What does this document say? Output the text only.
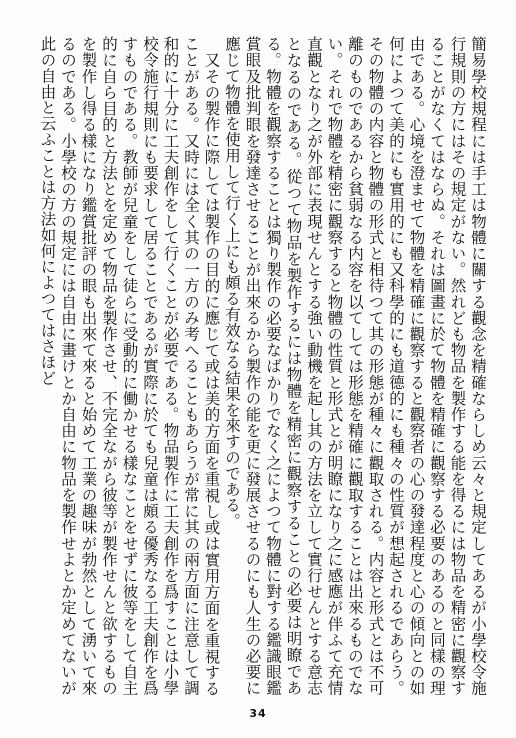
簡易學校規程には手工は物體に關する觀念を精確ならしめ云々と規定してあるが小學校令施行規則の方にはその規定がない。然れども物品を製作する能を得るには物品を精密に觀察することがなくてはならぬ。それは圖畫に於て物體を精確に觀察する必要のあるのと同樣の理由である。心境を澄ませて物體を精確に觀察すると觀察者の心の發達程度と心の傾向との如何によつて美的にも實用的にも又科學的にも道德的にも種々の性質が想起されるであらう。その物體の内容と物體の形式と相待つて其の形態が種々に觀取される。内容と形式とは不可離のものであるから貧弱なる内容を以てしては形態を精確に觀取することは出來るものでない。それで物體を精密に觀察すると物體の性質と形式とが明瞭になり之に感應が伴ふて充情直觀となり之が外部に表現せんとする強い動機を起し其の方法を立して實行せんとする意志となるのである。從つて物品を製作するには物體を精密に觀察することの必要は明瞭である。物體を觀察することは獨り製作の必要なばかりでなく之によつて物體に對する鑑識眼鑑賞眼及批判眼を發達させることが出來るから製作の能を更に發展させるのにも人生の必要に應じて物體を使用して行く上にも頗る有效なる結果を來すのである。

又その製作に際しては製作の目的に應じて或は美的方面を重視し或は實用方面を重視することがある。又時には全く其の一方のみ考へることもあらうが常に其の兩方面に注意して調和的に十分に工夫創作をして行くことが必要である。物品製作に工夫創作を爲すことは小學校令施行規則にも要求して居ることであるが實際に於ても兒童は頗る優秀なる工夫創作を爲すものである。教師が兒童をして徒らに受動的に働かせる樣なことをせずに彼等をして自主的に自ら目的と方法とを定めて物品を製作させ、不完全ながら彼等が製作せんと欲するものを製作し得る樣になり鑑賞批評の眼も出來て來ると始めて工業の趣味が勃然として湧いて來るのである。小學校の方の規定には自由に畫けとか自由に物品を製作せよとか定めてないが此の自由と云ふことは方法如何によつてはさほど

34
